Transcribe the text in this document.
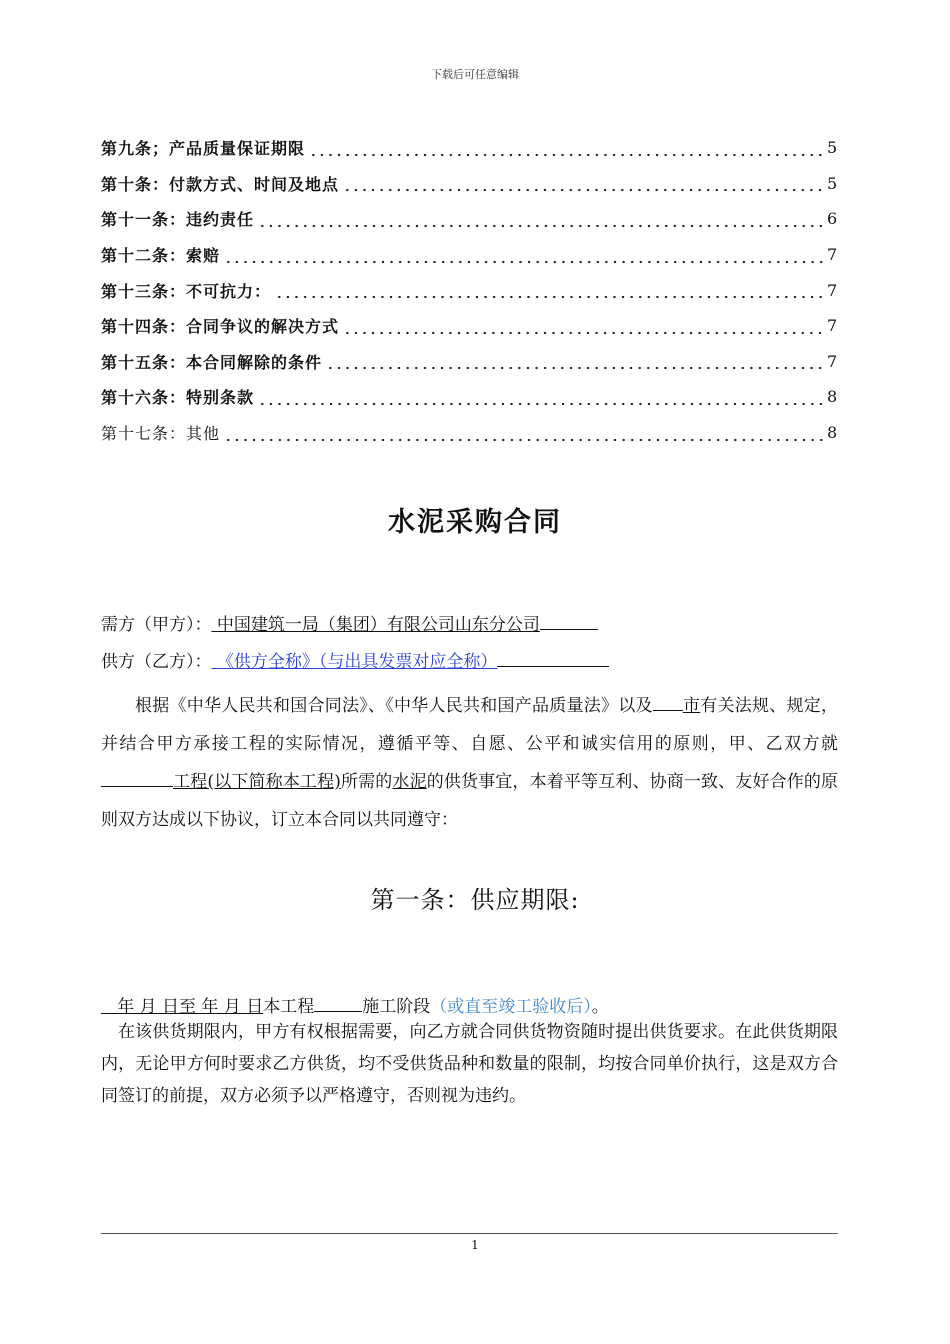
下载后可任意编辑
第九条；产品质量保证期限	5
第十条：付款方式、时间及地点	5
第十一条：违约责任	6
第十二条：索赔	7
第十三条：不可抗力：	7
第十四条：合同争议的解决方式	7
第十五条：本合同解除的条件	7
第十六条：特别条款	8
第十七条：其他	8
水泥采购合同
需方（甲方）： 中国建筑一局（集团）有限公司山东分公司
供方（乙方）： 《供方全称》（与出具发票对应全称）
根据《中华人民共和国合同法》、《中华人民共和国产品质量法》以及 市有关法规、规定，并结合甲方承接工程的实际情况，遵循平等、自愿、公平和诚实信用的原则，甲、乙双方就工程(以下简称本工程)所需的水泥的供货事宜，本着平等互利、协商一致、友好合作的原则双方达成以下协议，订立本合同以共同遵守：
第一条：供应期限:
年 月 日至 年 月 日本工程	施工阶段（或直至竣工验收后）。
在该供货期限内，甲方有权根据需要，向乙方就合同供货物资随时提出供货要求。在此供货期限内，无论甲方何时要求乙方供货，均不受供货品种和数量的限制，均按合同单价执行，这是双方合同签订的前提，双方必须予以严格遵守，否则视为违约。
1
